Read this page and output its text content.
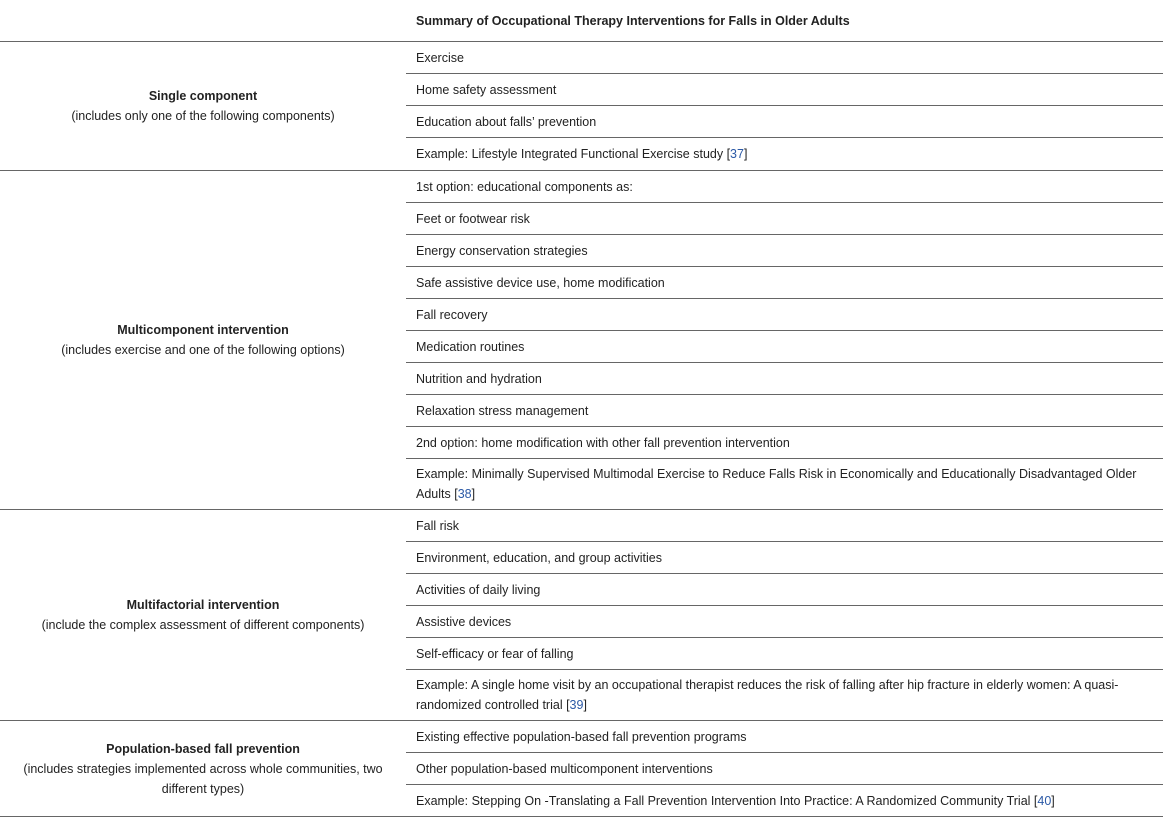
	Summary of Occupational Therapy Interventions for Falls in Older Adults

Single component
(includes only one of the following components)	Exercise
	Home safety assessment
	Education about falls’ prevention
	Example: Lifestyle Integrated Functional Exercise study [37]

Multicomponent intervention
(includes exercise and one of the following options)	1st option: educational components as:
	Feet or footwear risk
	Energy conservation strategies
	Safe assistive device use, home modification
	Fall recovery
	Medication routines
	Nutrition and hydration
	Relaxation stress management
	2nd option: home modification with other fall prevention intervention
	Example: Minimally Supervised Multimodal Exercise to Reduce Falls Risk in Economically and Educationally Disadvantaged Older Adults [38]

Multifactorial intervention
(include the complex assessment of different components)	Fall risk
	Environment, education, and group activities
	Activities of daily living
	Assistive devices
	Self-efficacy or fear of falling
	Example: A single home visit by an occupational therapist reduces the risk of falling after hip fracture in elderly women: A quasi-randomized controlled trial [39]

Population-based fall prevention
(includes strategies implemented across whole communities, two different types)	Existing effective population-based fall prevention programs
	Other population-based multicomponent interventions
	Example: Stepping On -Translating a Fall Prevention Intervention Into Practice: A Randomized Community Trial [40]
